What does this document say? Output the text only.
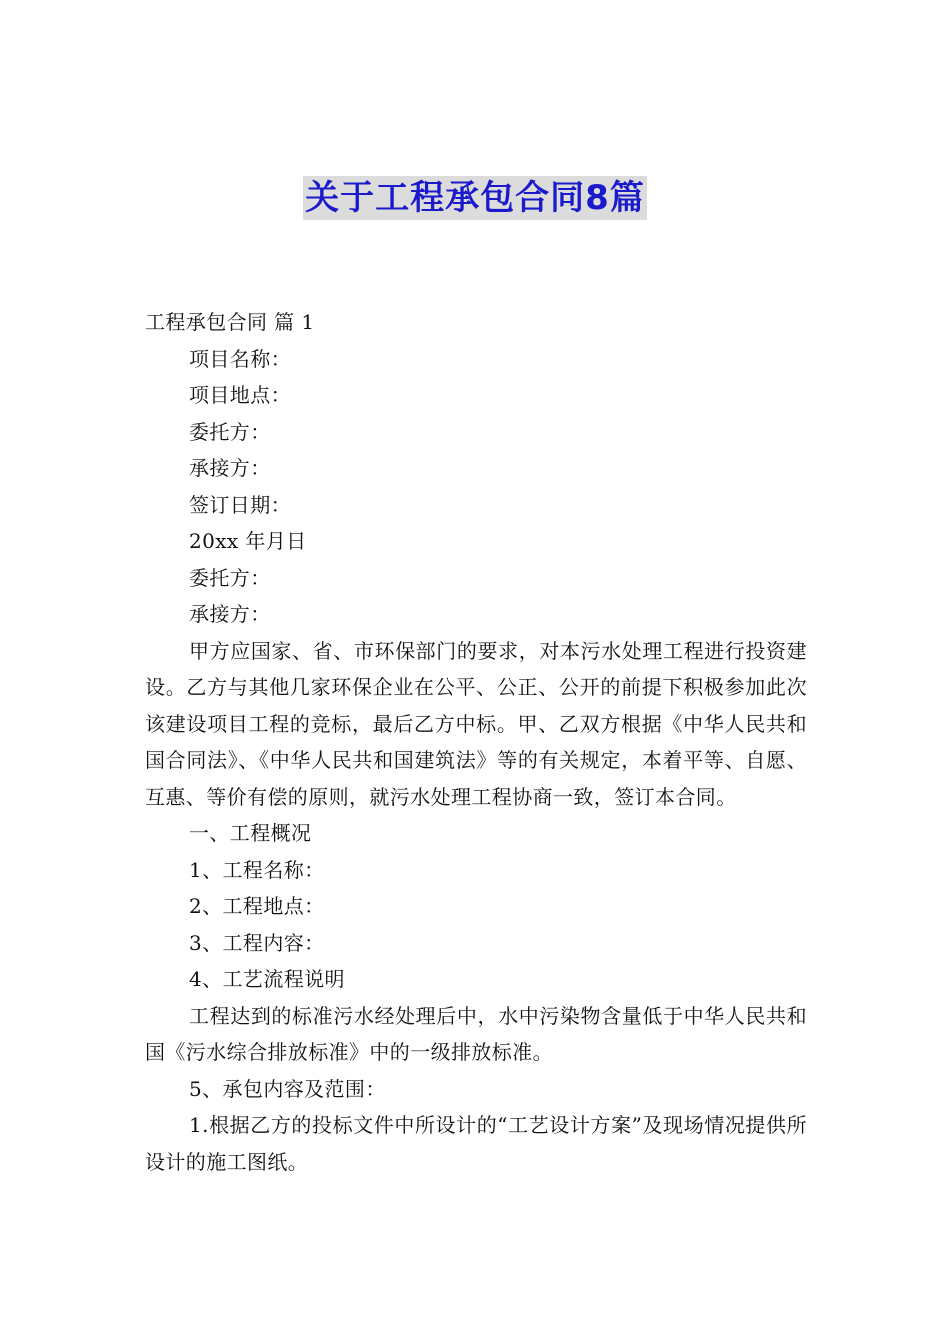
关于工程承包合同8篇

工程承包合同 篇 1

项目名称：

项目地点：

委托方：

承接方：

签订日期：

20xx 年月日

委托方：

承接方：

甲方应国家、省、市环保部门的要求，对本污水处理工程进行投资建设。乙方与其他几家环保企业在公平、公正、公开的前提下积极参加此次该建设项目工程的竞标，最后乙方中标。甲、乙双方根据《中华人民共和国合同法》、《中华人民共和国建筑法》等的有关规定，本着平等、自愿、互惠、等价有偿的原则，就污水处理工程协商一致，签订本合同。

一、工程概况

1、工程名称：

2、工程地点：

3、工程内容：

4、工艺流程说明

工程达到的标准污水经处理后中，水中污染物含量低于中华人民共和国《污水综合排放标准》中的一级排放标准。

5、承包内容及范围：

1.根据乙方的投标文件中所设计的“工艺设计方案”及现场情况提供所设计的施工图纸。
